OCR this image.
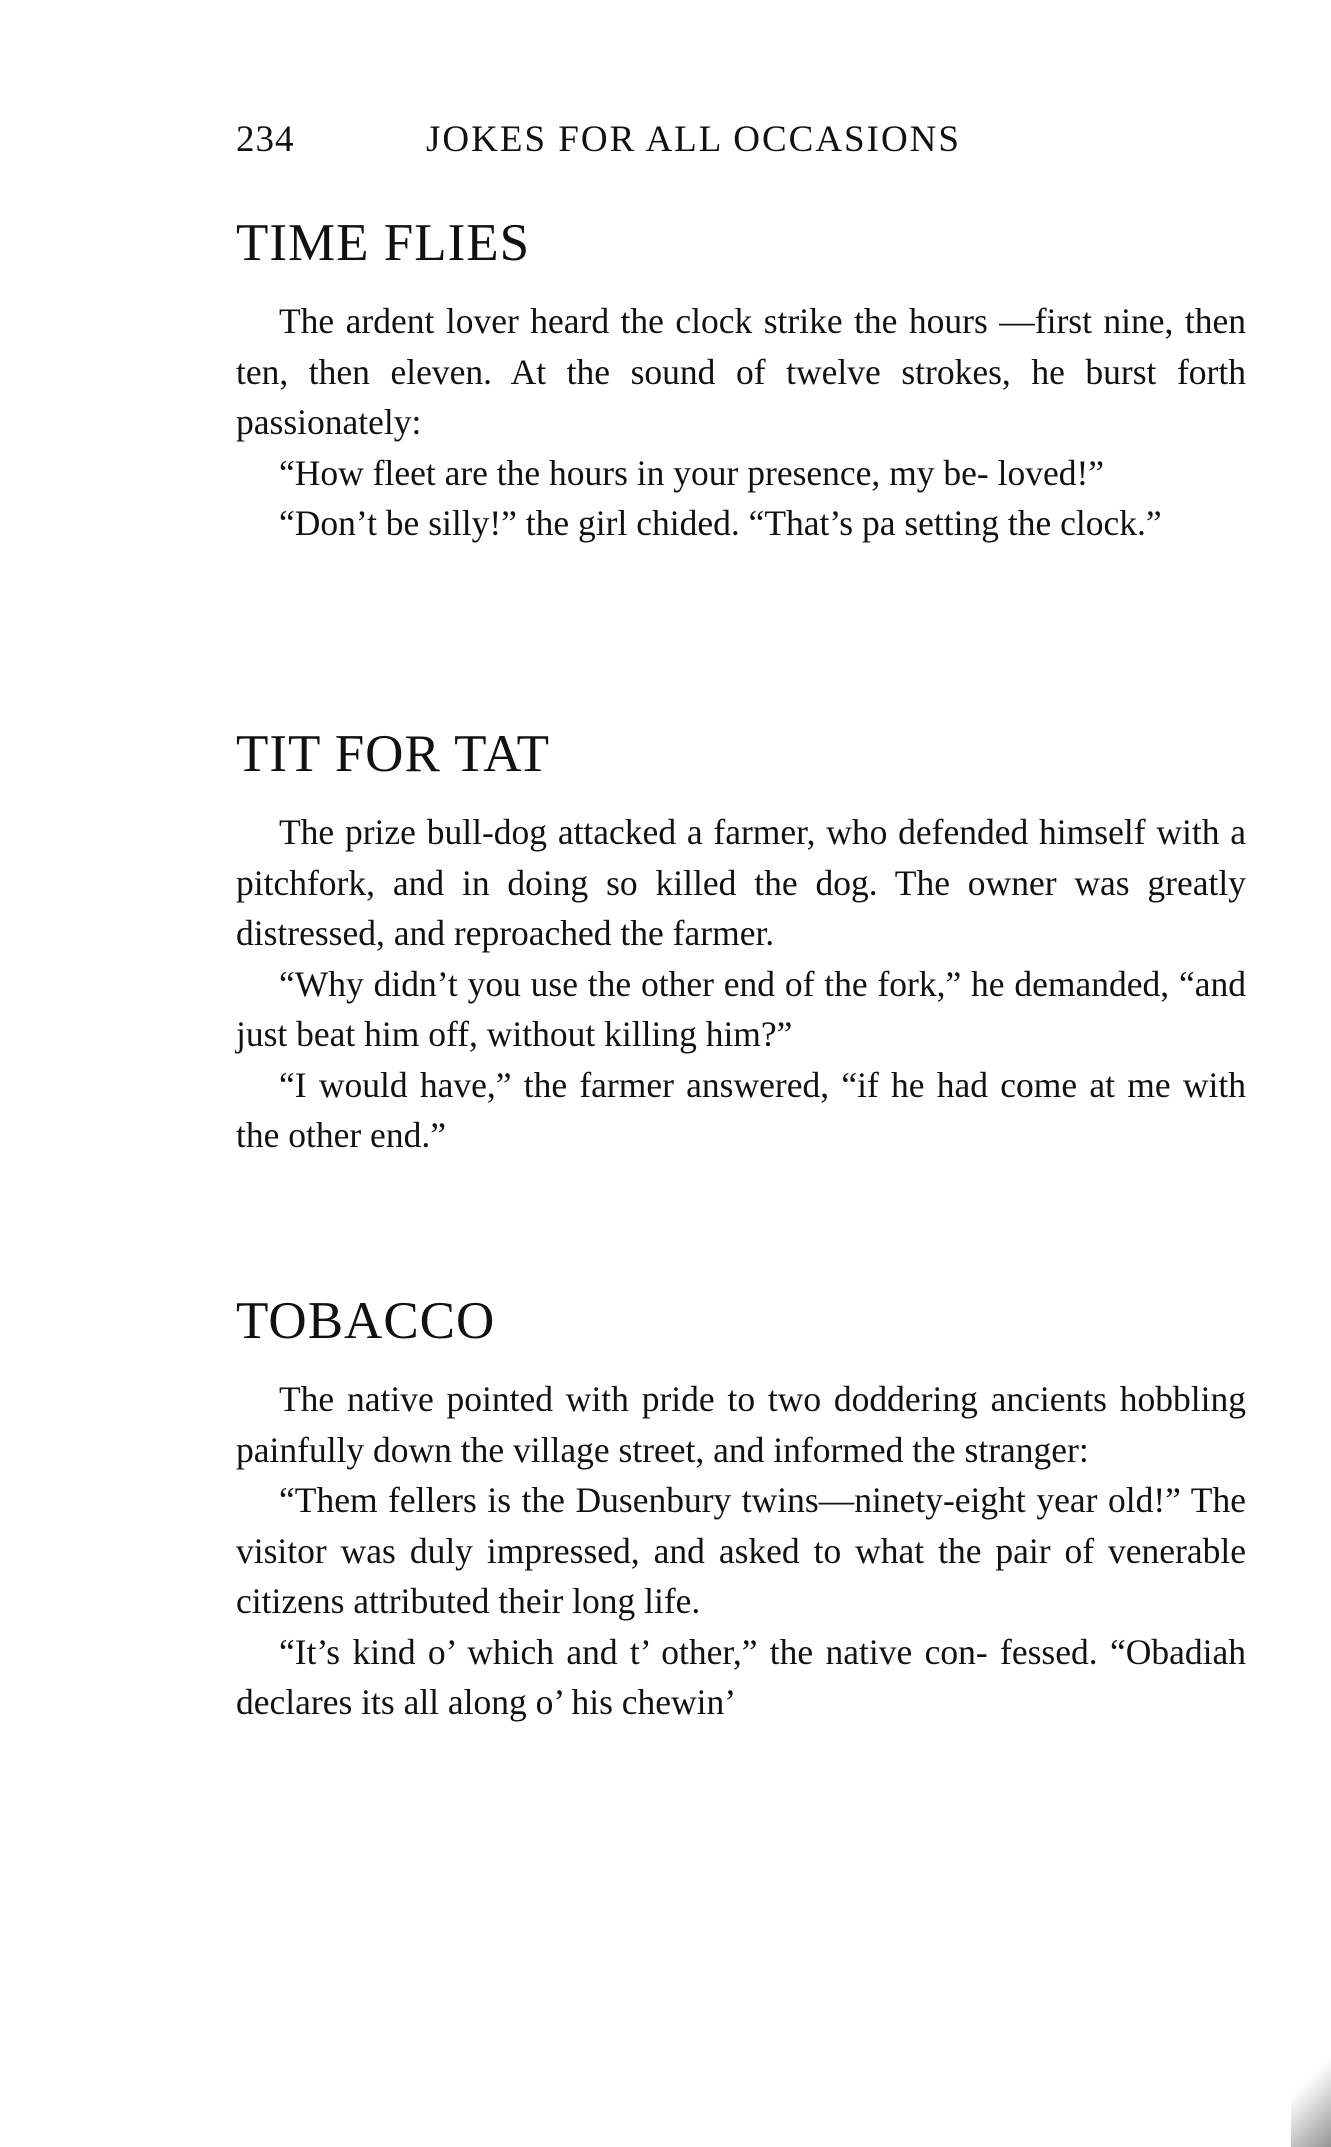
234	JOKES FOR ALL OCCASIONS
TIME FLIES

The ardent lover heard the clock strike the hours —first nine, then ten, then eleven. At the sound of twelve strokes, he burst forth passionately:

“How fleet are the hours in your presence, my be- loved!”

“Don’t be silly!” the girl chided. “That’s pa setting the clock.”

TIT FOR TAT

The prize bull-dog attacked a farmer, who defended himself with a pitchfork, and in doing so killed the dog. The owner was greatly distressed, and reproached the farmer.

“Why didn’t you use the other end of the fork,” he demanded, “and just beat him off, without killing him?”

“I would have,” the farmer answered, “if he had come at me with the other end.”

TOBACCO

The native pointed with pride to two doddering ancients hobbling painfully down the village street, and informed the stranger:

“Them fellers is the Dusenbury twins—ninety-eight year old!” The visitor was duly impressed, and asked to what the pair of venerable citizens attributed their long life.

“It’s kind o’ which and t’ other,” the native con- fessed. “Obadiah declares its all along o’ his chewin’
